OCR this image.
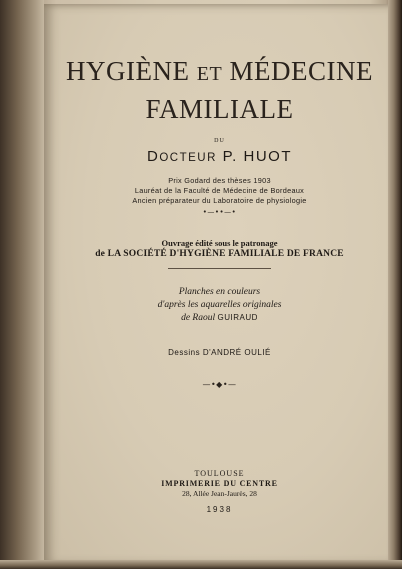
HYGIÈNE ET MÉDECINE
FAMILIALE
DU
DOCTEUR P. HUOT
Prix Godard des thèses 1903
Lauréat de la Faculté de Médecine de Bordeaux
Ancien préparateur du Laboratoire de physiologie
•—••—•
Ouvrage édité sous le patronage
de LA SOCIÉTÉ D'HYGIÈNE FAMILIALE DE FRANCE
Planches en couleurs
d'après les aquarelles originales
de Raoul GUIRAUD
Dessins D'ANDRÉ OULIÉ
—•◆•—
TOULOUSE
IMPRIMERIE DU CENTRE
28, Allée Jean-Jaurès, 28
1938
